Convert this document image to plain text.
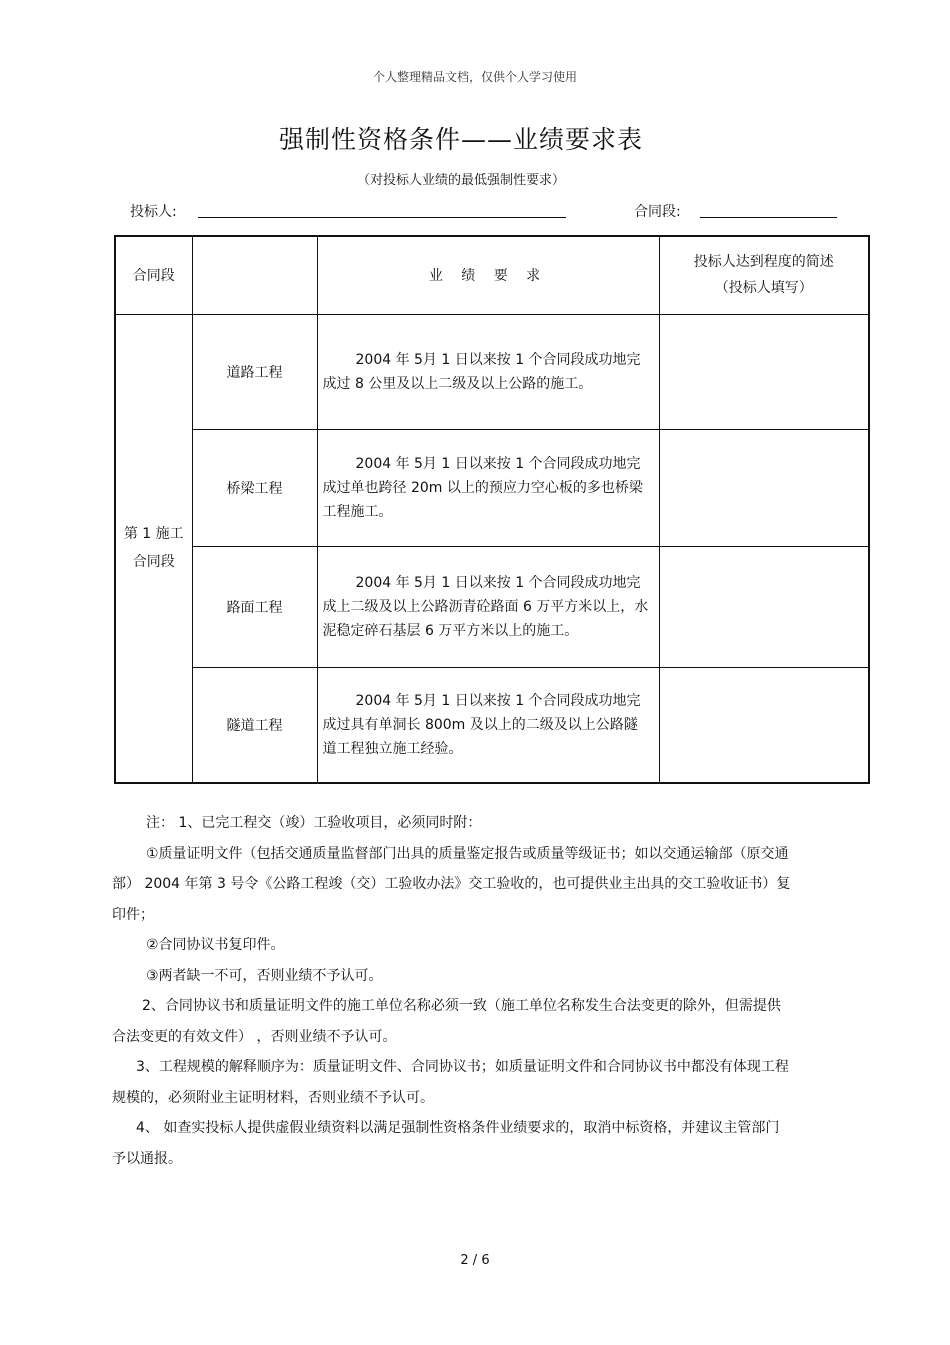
个人整理精品文档，仅供个人学习使用
强制性资格条件——业绩要求表
（对投标人业绩的最低强制性要求）
投标人:	合同段:
合同段		业 绩 要 求	投标人达到程度的简述
（投标人填写）

第 1 施工
合同段	道路工程	2004 年 5月 1 日以来按 1 个合同段成功地完成过 8 公里及以上二级及以上公路的施工。	
	桥梁工程	2004 年 5月 1 日以来按 1 个合同段成功地完成过单也跨径 20m 以上的预应力空心板的多也桥梁工程施工。	
	路面工程	2004 年 5月 1 日以来按 1 个合同段成功地完成上二级及以上公路沥青砼路面 6 万平方米以上，水泥稳定碎石基层 6 万平方米以上的施工。	
	隧道工程	2004 年 5月 1 日以来按 1 个合同段成功地完成过具有单洞长 800m 及以上的二级及以上公路隧道工程独立施工经验。	

注： 1、已完工程交（竣）工验收项目，必须同时附：

①质量证明文件（包括交通质量监督部门出具的质量鉴定报告或质量等级证书；如以交通运输部（原交通部） 2004 年第 3 号令《公路工程竣（交）工验收办法》交工验收的，也可提供业主出具的交工验收证书）复印件；

②合同协议书复印件。

③两者缺一不可，否则业绩不予认可。

2、合同协议书和质量证明文件的施工单位名称必须一致（施工单位名称发生合法变更的除外，但需提供合法变更的有效文件） ，否则业绩不予认可。

3、工程规模的解释顺序为：质量证明文件、合同协议书；如质量证明文件和合同协议书中都没有体现工程规模的，必须附业主证明材料，否则业绩不予认可。

4、 如查实投标人提供虚假业绩资料以满足强制性资格条件业绩要求的，取消中标资格，并建议主管部门予以通报。

2 / 6
